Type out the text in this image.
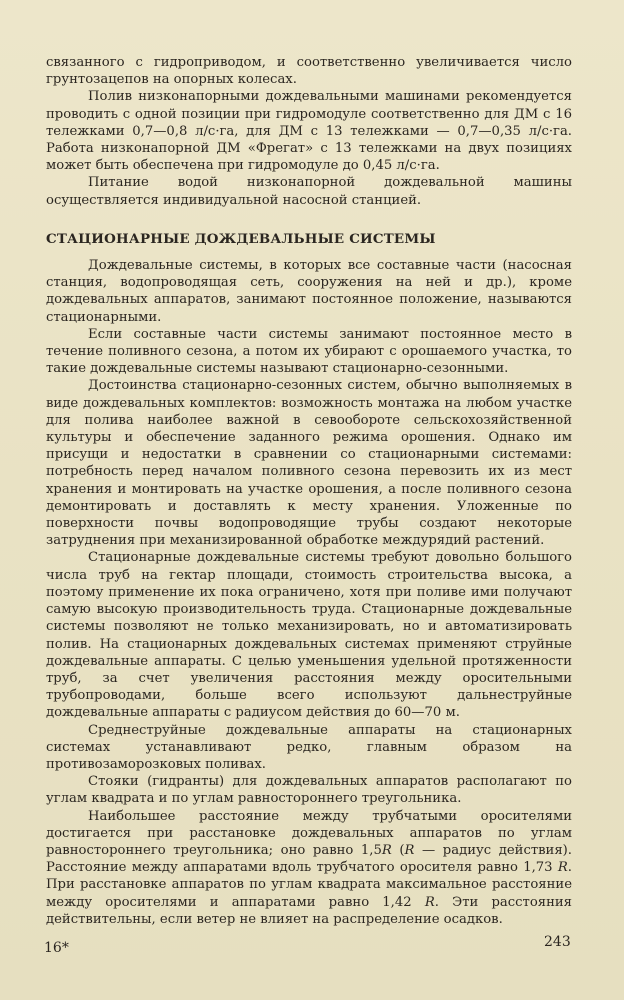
связанного с гидроприводом, и соответственно увеличивается число грунтозацепов на опорных колесах.

Полив низконапорными дождевальными машинами рекомендуется проводить с одной позиции при гидромодуле соответственно для ДМ с 16 тележками 0,7—0,8 л/с·га, для ДМ с 13 тележками — 0,7—0,35 л/с·га. Работа низконапорной ДМ «Фрегат» с 13 тележками на двух позициях может быть обеспечена при гидромодуле до 0,45 л/с·га.

Питание водой низконапорной дождевальной машины осуществляется индивидуальной насосной станцией.

СТАЦИОНАРНЫЕ ДОЖДЕВАЛЬНЫЕ СИСТЕМЫ

Дождевальные системы, в которых все составные части (насосная станция, водопроводящая сеть, сооружения на ней и др.), кроме дождевальных аппаратов, занимают постоянное положение, называются стационарными.

Если составные части системы занимают постоянное место в течение поливного сезона, а потом их убирают с орошаемого участка, то такие дождевальные системы называют стационарно-сезонными.

Достоинства стационарно-сезонных систем, обычно выполняемых в виде дождевальных комплектов: возможность монтажа на любом участке для полива наиболее важной в севообороте сельскохозяйственной культуры и обеспечение заданного режима орошения. Однако им присущи и недостатки в сравнении со стационарными системами: потребность перед началом поливного сезона перевозить их из мест хранения и монтировать на участке орошения, а после поливного сезона демонтировать и доставлять к месту хранения. Уложенные по поверхности почвы водопроводящие трубы создают некоторые затруднения при механизированной обработке междурядий растений.

Стационарные дождевальные системы требуют довольно большого числа труб на гектар площади, стоимость строительства высока, а поэтому применение их пока ограничено, хотя при поливе ими получают самую высокую производительность труда. Стационарные дождевальные системы позволяют не только механизировать, но и автоматизировать полив. На стационарных дождевальных системах применяют струйные дождевальные аппараты. С целью уменьшения удельной протяженности труб, за счет увеличения расстояния между оросительными трубопроводами, больше всего используют дальнеструйные дождевальные аппараты с радиусом действия до 60—70 м.

Среднеструйные дождевальные аппараты на стационарных системах устанавливают редко, главным образом на противозаморозковых поливах.

Стояки (гидранты) для дождевальных аппаратов располагают по углам квадрата и по углам равностороннего треугольника.

Наибольшее расстояние между трубчатыми оросителями достигается при расстановке дождевальных аппаратов по углам равностороннего треугольника; оно равно 1,5R (R — радиус действия). Расстояние между аппаратами вдоль трубчатого оросителя равно 1,73 R. При расстановке аппаратов по углам квадрата максимальное расстояние между оросителями и аппаратами равно 1,42 R. Эти расстояния действительны, если ветер не влияет на распределение осадков.

16*	243
